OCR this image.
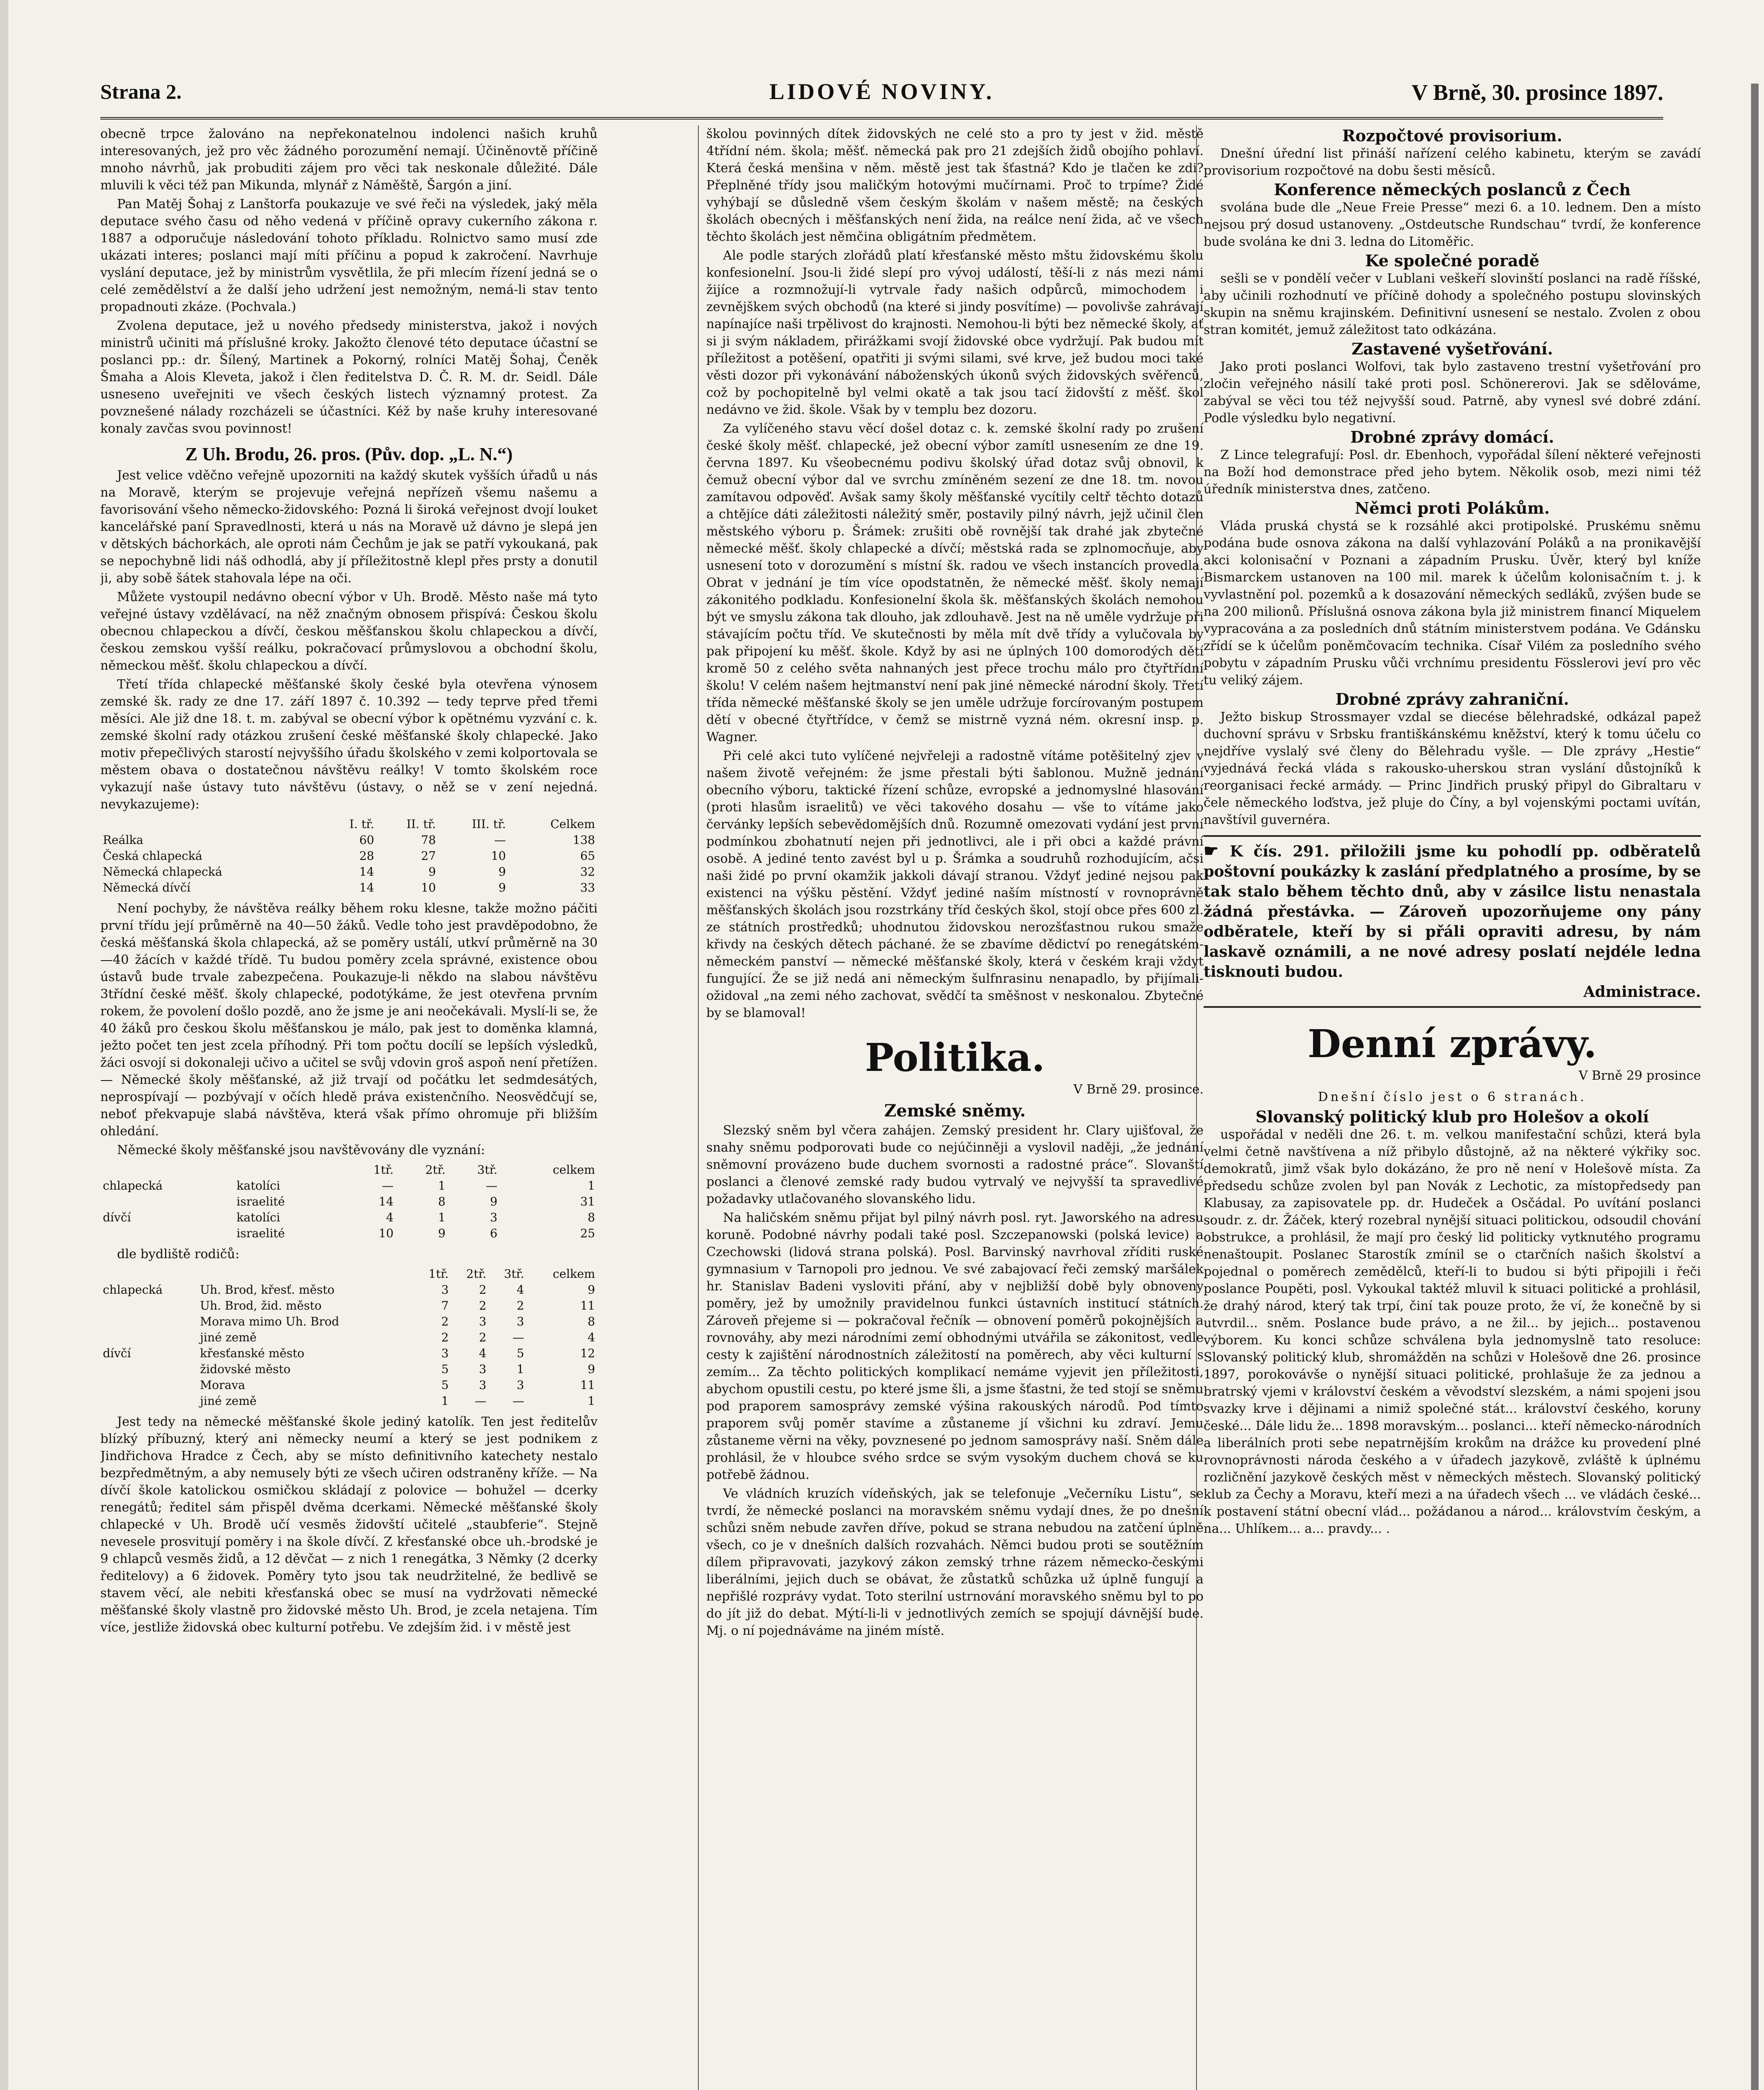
Strana 2.	LIDOVÉ NOVINY.	V Brně, 30. prosince 1897.

obecně trpce žalováno na nepřekonatelnou indolenci našich kruhů interesovaných, jež pro věc žádného porozumění nemají. Účiněnovtě příčině mnoho návrhů, jak probuditi zájem pro věci tak neskonale důležité. Dále mluvili k věci též pan Mikunda, mlynář z Náměště, Šargón a jiní.

Pan Matěj Šohaj z Lanštorfa poukazuje ve své řeči na výsledek, jaký měla deputace svého času od něho vedená v příčině opravy cukerního zákona r. 1887 a odporučuje následování tohoto příkladu. Rolnictvo samo musí zde ukázati interes; poslanci mají míti příčinu a popud k zakročení. Navrhuje vyslání deputace, jež by ministrům vysvětlila, že při mlecím řízení jedná se o celé zemědělství a že další jeho udržení jest nemožným, nemá-li stav tento propadnouti zkáze. (Pochvala.)

Zvolena deputace, jež u nového předsedy ministerstva, jakož i nových ministrů učiniti má příslušné kroky. Jakožto členové této deputace účastní se poslanci pp.: dr. Šílený, Martinek a Pokorný, rolníci Matěj Šohaj, Čeněk Šmaha a Alois Kleveta, jakož i člen ředitelstva D. Č. R. M. dr. Seidl. Dále usneseno uveřejniti ve všech českých listech významný protest. Za povznešené nálady rozcházeli se účastníci. Kéž by naše kruhy interesované konaly zavčas svou povinnost!

Z Uh. Brodu, 26. pros. (Pův. dop. „L. N.“)

Jest velice vděčno veřejně upozorniti na každý skutek vyšších úřadů u nás na Moravě, kterým se projevuje veřejná nepřízeň všemu našemu a favorisování všeho německo-židovského: Pozná li široká veřejnost dvojí louket kancelářské paní Spravedlnosti, která u nás na Moravě už dávno je slepá jen v dětských báchorkách, ale oproti nám Čechům je jak se patří vykoukaná, pak se nepochybně lidi náš odhodlá, aby jí příležitostně klepl přes prsty a donutil ji, aby sobě šátek stahovala lépe na oči.

Můžete vystoupil nedávno obecní výbor v Uh. Brodě. Město naše má tyto veřejné ústavy vzdělávací, na něž značným obnosem přispívá: Českou školu obecnou chlapeckou a dívčí, českou měšťanskou školu chlapeckou a dívčí, českou zemskou vyšší reálku, pokračovací průmyslovou a obchodní školu, německou měšť. školu chlapeckou a dívčí.

Třetí třída chlapecké měšťanské školy české byla otevřena výnosem zemské šk. rady ze dne 17. září 1897 č. 10.392 — tedy teprve před třemi měsíci. Ale již dne 18. t. m. zabýval se obecní výbor k opětnému vyzvání c. k. zemské školní rady otázkou zrušení české měšťanské školy chlapecké. Jako motiv přepečlivých starostí nejvyššího úřadu školského v zemi kolportovala se městem obava o dostatečnou návštěvu reálky! V tomto školském roce vykazují naše ústavy tuto návštěvu (ústavy, o něž se v zení nejedná. nevykazujeme):

	I. tř.	II. tř.	III. tř.	Celkem
Reálka	60	78	—	138
Česká chlapecká	28	27	10	65
Německá chlapecká	14	9	9	32
Německá dívčí	14	10	9	33

Není pochyby, že návštěva reálky během roku klesne, takže možno páčiti první třídu její průměrně na 40—50 žáků. Vedle toho jest pravděpodobno, že česká měšťanská škola chlapecká, až se poměry ustálí, utkví průměrně na 30—40 žácích v každé třídě. Tu budou poměry zcela správné, existence obou ústavů bude trvale zabezpečena. Poukazuje-li někdo na slabou návštěvu 3třídní české měšť. školy chlapecké, podotýkáme, že jest otevřena prvním rokem, že povolení došlo pozdě, ano že jsme je ani neočekávali. Myslí-li se, že 40 žáků pro českou školu měšťanskou je málo, pak jest to doměnka klamná, ježto počet ten jest zcela příhodný. Při tom počtu docílí se lepších výsledků, žáci osvojí si dokonaleji učivo a učitel se svůj vdovin groš aspoň není přetížen. — Německé školy měšťanské, až již trvají od počátku let sedmdesátých, neprospívají — pozbývají v očích hledě práva existenčního. Neosvědčují se, neboť překvapuje slabá návštěva, která však přímo ohromuje při bližším ohledání.

Německé školy měšťanské jsou navštěvovány dle vyznání:

		1tř.	2tř.	3tř.	celkem
chlapecká	katolíci	—	1	—	1
	israelité	14	8	9	31
dívčí	katolíci	4	1	3	8
	israelité	10	9	6	25

dle bydliště rodičů:

		1tř.	2tř.	3tř.	celkem
chlapecká	Uh. Brod, křesť. město	3	2	4	9
	Uh. Brod, žid. město	7	2	2	11
	Morava mimo Uh. Brod	2	3	3	8
	jiné země	2	2	—	4
dívčí	křesťanské město	3	4	5	12
	židovské město	5	3	1	9
	Morava	5	3	3	11
	jiné země	1	—	—	1

Jest tedy na německé měšťanské škole jediný katolík. Ten jest ředitelův blízký příbuzný, který ani německy neumí a který se jest podnikem z Jindřichova Hradce z Čech, aby se místo definitivního katechety nestalo bezpředmětným, a aby nemusely býti ze všech učiren odstraněny kříže. — Na dívčí škole katolickou osmičkou skládají z polovice — bohužel — dcerky renegátů; ředitel sám přispěl dvěma dcerkami. Německé měšťanské školy chlapecké v Uh. Brodě učí vesměs židovští učitelé „staubferie“. Stejně nevesele prosvitují poměry i na škole dívčí. Z křesťanské obce uh.-brodské je 9 chlapců vesměs židů, a 12 děvčat — z nich 1 renegátka, 3 Němky (2 dcerky ředitelovy) a 6 židovek. Poměry tyto jsou tak neudržitelné, že bedlivě se stavem věcí, ale nebiti křesťanská obec se musí na vydržovati německé měšťanské školy vlastně pro židovské město Uh. Brod, je zcela netajena. Tím více, jestliže židovská obec kulturní potřebu. Ve zdejším žid. i v městě jest

školou povinných dítek židovských ne celé sto a pro ty jest v žid. městě 4třídní ném. škola; měšť. německá pak pro 21 zdejších židů obojího pohlaví. Která česká menšina v něm. městě jest tak šťastná? Kdo je tlačen ke zdi? Přeplněné třídy jsou maličkým hotovými mučírnami. Proč to trpíme? Židé vyhýbají se důsledně všem českým školám v našem městě; na českých školách obecných i měšťanských není žida, na reálce není žida, ač ve všech těchto školách jest němčina obligátním předmětem.

Ale podle starých zlořádů platí křesťanské město mštu židovskému školu konfesionelní. Jsou-li židé slepí pro vývoj událostí, těší-li z nás mezi námi žijíce a rozmnožují-li vytrvale řady našich odpůrců, mimochodem i zevnějškem svých obchodů (na které si jindy posvítíme) — povolivše zahrávají napínajíce naši trpělivost do krajnosti. Nemohou-li býti bez německé školy, ať si ji svým nákladem, přirážkami svojí židovské obce vydržují. Pak budou mít příležitost a potěšení, opatřiti ji svými silami, své krve, jež budou moci také věsti dozor při vykonávání náboženských úkonů svých židovských svěřenců, což by pochopitelně byl velmi okatě a tak jsou tací židovští z měšť. škol nedávno ve žid. škole. Však by v templu bez dozoru.

Za vylíčeného stavu věcí došel dotaz c. k. zemské školní rady po zrušení české školy měšť. chlapecké, jež obecní výbor zamítl usnesením ze dne 19. června 1897. Ku všeobecnému podivu školský úřad dotaz svůj obnovil, k čemuž obecní výbor dal ve svrchu zmíněném sezení ze dne 18. tm. novou zamítavou odpověď. Avšak samy školy měšťanské vycítily celtř těchto dotazů a chtějíce dáti záležitosti náležitý směr, postavily pilný návrh, jejž učinil člen městského výboru p. Šrámek: zrušiti obě rovnější tak drahé jak zbytečné německé měšť. školy chlapecké a dívčí; městská rada se zplnomocňuje, aby usnesení toto v dorozumění s místní šk. radou ve všech instancích provedla. Obrat v jednání je tím více opodstatněn, že německé měšť. školy nemají zákonitého podkladu. Konfesionelní škola šk. měšťanských školách nemohou být ve smyslu zákona tak dlouho, jak zdlouhavě. Jest na ně uměle vydržuje při stávajícím počtu tříd. Ve skutečnosti by měla mít dvě třídy a vylučovala by pak připojení ku měšť. škole. Když by asi ne úplných 100 domorodých dětí kromě 50 z celého světa nahnaných jest přece trochu málo pro čtyřtřídní školu! V celém našem hejtmanství není pak jiné německé národní školy. Třetí třída německé měšťanské školy se jen uměle udržuje forcírovaným postupem dětí v obecné čtyřtřídce, v čemž se mistrně vyzná ném. okresní insp. p. Wagner.

Při celé akci tuto vylíčené nejvřeleji a radostně vítáme potěšitelný zjev v našem životě veřejném: že jsme přestali býti šablonou. Mužně jednání obecního výboru, taktické řízení schůze, evropské a jednomyslné hlasování (proti hlasům israelitů) ve věci takového dosahu — vše to vítáme jako červánky lepších sebevědomějších dnů. Rozumně omezovati vydání jest první podmínkou zbohatnutí nejen při jednotlivci, ale i při obci a každé právní osobě. A jediné tento zavést byl u p. Šrámka a soudruhů rozhodujícím, ačsi naši židé po první okamžik jakkoli dávají stranou. Vždyť jediné nejsou pak existenci na výšku pěstění. Vždyť jediné naším místností v rovnoprávně měšťanských školách jsou rozstrkány tříd českých škol, stojí obce přes 600 zl. ze státních prostředků; uhodnutou židovskou nerozšťastnou rukou smaže křivdy na českých dětech páchané. že se zbavíme dědictví po renegátském-německém panství — německé měšťanské školy, která v českém kraji vždyt fungující. Že se již nedá ani německým šulfnrasinu nenapadlo, by přijímali-ožidoval „na zemi ného zachovat, svědčí ta směšnost v neskonalou. Zbytečné by se blamoval!

Politika.
V Brně 29. prosince.
Zemské sněmy.

Slezský sněm byl včera zahájen. Zemský president hr. Clary ujišťoval, že snahy sněmu podporovati bude co nejúčinněji a vyslovil naději, „že jednání sněmovní provázeno bude duchem svornosti a radostné práce“. Slovanští poslanci a členové zemské rady budou vytrvalý ve nejvyšší ta spravedlivé požadavky utlačovaného slovanského lidu.

Na haličském sněmu přijat byl pilný návrh posl. ryt. Jaworského na adresu koruně. Podobné návrhy podali také posl. Szczepanowski (polská levice) a Czechowski (lidová strana polská). Posl. Barvinský navrhoval zříditi ruské gymnasium v Tarnopoli pro jednou. Ve své zabajovací řeči zemský maršálek hr. Stanislav Badeni vysloviti přání, aby v nejbližší době byly obnoveny poměry, jež by umožnily pravidelnou funkci ústavních institucí státních. Zároveň přejeme si — pokračoval řečník — obnovení poměrů pokojnějších a rovnováhy, aby mezi národními zemí obhodnými utvářila se zákonitost, vedle cesty k zajištění národnostních záležitostí na poměrech, aby věci kulturní s zemím... Za těchto politických komplikací nemáme vyjevit jen příležitosti, abychom opustili cestu, po které jsme šli, a jsme šťastni, že ted stojí se sněmu pod praporem samosprávy zemské výšina rakouských národů. Pod tímto praporem svůj poměr stavíme a zůstaneme jí všichni ku zdraví. Jemu zůstaneme věrni na věky, povznesené po jednom samosprávy naší. Sněm dále prohlásil, že v hloubce svého srdce se svým vysokým duchem chová se ku potřebě žádnou.

Ve vládních kruzích vídeňských, jak se telefonuje „Večerníku Listu“, se tvrdí, že německé poslanci na moravském sněmu vydají dnes, že po dnešní schůzi sněm nebude zavřen dříve, pokud se strana nebudou na zatčení úplně všech, co je v dnešních dalších rozvahách. Němci budou proti se soutěžním dílem připravovati, jazykový zákon zemský trhne rázem německo-českými liberálními, jejich duch se obávat, že zůstatků schůzka už úplně fungují a nepřišlé rozprávy vydat. Toto sterilní ustrnování moravského sněmu byl to po do jít již do debat. Mýtí-li-li v jednotlivých zemích se spojují dávnější bude. Mj. o ní pojednáváme na jiném místě.
Rozpočtové provisorium.

Dnešní úřední list přináší nařízení celého kabinetu, kterým se zavádí provisorium rozpočtové na dobu šesti měsíců.

Konference německých poslanců z Čech

svolána bude dle „Neue Freie Presse“ mezi 6. a 10. lednem. Den a místo nejsou prý dosud ustanoveny. „Ostdeutsche Rundschau“ tvrdí, že konference bude svolána ke dni 3. ledna do Litoměřic.

Ke společné poradě

sešli se v pondělí večer v Lublani veškeří slovinští poslanci na radě říšské, aby učinili rozhodnutí ve příčině dohody a společného postupu slovinských skupin na sněmu krajinském. Definitivní usnesení se nestalo. Zvolen z obou stran komitét, jemuž záležitost tato odkázána.

Zastavené vyšetřování.

Jako proti poslanci Wolfovi, tak bylo zastaveno trestní vyšetřování pro zločin veřejného násilí také proti posl. Schönererovi. Jak se sdělováme, zabýval se věci tou též nejvyšší soud. Patrně, aby vynesl své dobré zdání. Podle výsledku bylo negativní.

Drobné zprávy domácí.

Z Lince telegrafují: Posl. dr. Ebenhoch, vypořádal šílení některé veřejnosti na Boží hod demonstrace před jeho bytem. Několik osob, mezi nimi též úředník ministerstva dnes, zatčeno.

Němci proti Polákům.

Vláda pruská chystá se k rozsáhlé akci protipolské. Pruskému sněmu podána bude osnova zákona na další vyhlazování Poláků a na pronikavější akci kolonisační v Poznani a západním Prusku. Úvěr, který byl kníže Bismarckem ustanoven na 100 mil. marek k účelům kolonisačním t. j. k vyvlastnění pol. pozemků a k dosazování německých sedláků, zvýšen bude se na 200 milionů. Příslušná osnova zákona byla již ministrem financí Miquelem vypracována a za posledních dnů státním ministerstvem podána. Ve Gdánsku zřídí se k účelům poněmčovacím technika. Císař Vilém za posledního svého pobytu v západním Prusku vůči vrchnímu presidentu Fösslerovi jeví pro věc tu veliký zájem.

Drobné zprávy zahraniční.

Ježto biskup Strossmayer vzdal se diecése bělehradské, odkázal papež duchovní správu v Srbsku františkánskému kněžství, který k tomu účelu co nejdříve vyslalý své členy do Bělehradu vyšle. — Dle zprávy „Hestie“ vyjednává řecká vláda s rakousko-uherskou stran vyslání důstojníků k reorganisaci řecké armády. — Princ Jindřich pruský připyl do Gibraltaru v čele německého loďstva, jež pluje do Číny, a byl vojenskými poctami uvítán, navštívil guvernéra.

☛ K čís. 291. přiložili jsme ku pohodlí pp. odběratelů poštovní poukázky k zaslání předplatného a prosíme, by se tak stalo během těchto dnů, aby v zásilce listu nenastala žádná přestávka. — Zároveň upozorňujeme ony pány odběratele, kteří by si přáli opraviti adresu, by nám laskavě oznámili, a ne nové adresy poslatí nejdéle ledna tisknouti budou.
Administrace.
Denní zprávy.
V Brně 29 prosince
Dnešní číslo jest o 6 stranách.
Slovanský politický klub pro Holešov a okolí

uspořádal v neděli dne 26. t. m. velkou manifestační schůzi, která byla velmi četně navštívena a níž přibylo důstojně, až na některé výkřiky soc. demokratů, jimž však bylo dokázáno, že pro ně není v Holešově místa. Za předsedu schůze zvolen byl pan Novák z Lechotic, za místopředsedy pan Klabusay, za zapisovatele pp. dr. Hudeček a Osčádal. Po uvítání poslanci soudr. z. dr. Žáček, který rozebral nynější situaci politickou, odsoudil chování obstrukce, a prohlásil, že mají pro český lid politicky vytknutého programu nenaštoupit. Poslanec Starostík zmínil se o ctarčních našich školství a pojednal o poměrech zemědělců, kteří-li to budou si býti připojili i řeči poslance Poupěti, posl. Vykoukal taktéž mluvil k situaci politické a prohlásil, že drahý národ, který tak trpí, činí tak pouze proto, že ví, že konečně by si utvrdil... sněm. Poslance bude právo, a ne žil... by jejich... postavenou výborem. Ku konci schůze schválena byla jednomyslně tato resoluce: Slovanský politický klub, shromážděn na schůzi v Holešově dne 26. prosince 1897, porokovávše o nynější situaci politické, prohlašuje že za jednou a bratrský vjemi v království českém a věvodství slezském, a námi spojeni jsou svazky krve i dějinami a nimiž společné stát... království českého, koruny české... Dále lidu že... 1898 moravským... poslanci... kteří německo-národních a liberálních proti sebe nepatrnějším krokům na drážce ku provedení plné rovnoprávnosti národa českého a v úřadech jazykově, zvláště k úplnému rozličnění jazykově českých měst v německých městech. Slovanský politický klub za Čechy a Moravu, kteří mezi a na úřadech všech ... ve vládách české... k postavení státní obecní vlád... požádanou a národ... královstvím českým, a na... Uhlíkem... a... pravdy... .
